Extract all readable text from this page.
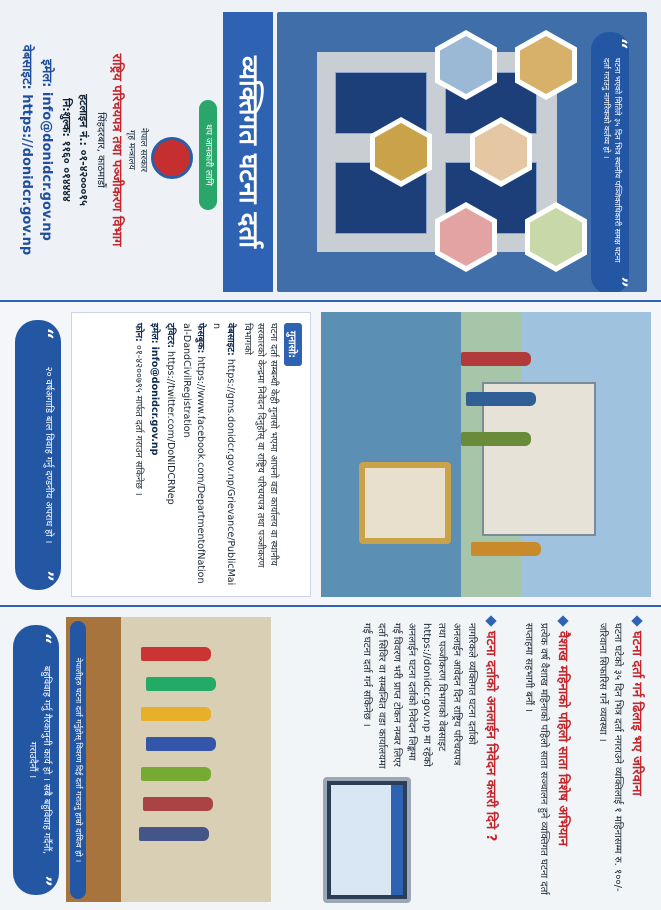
“
घटना भएको मितिले ३५ दिन भित्र स्थानीय पञ्जिकाधिकारी समक्ष घटना दर्ता गराउनु नागरिकको कर्तव्य हो ।
”
व्यक्तिगत घटना दर्ता
थप जानकारी लागि
नेपाल सरकार
गृह मन्त्रालय
राष्ट्रिय परिचयपत्र तथा पञ्जीकरण विभाग
सिंहदरबार, काठमाडौं
हटलाइन नं.: ०१-४२०००१५
नि:शुल्क: ११६० ०१४४४४
इमेल: info@donidcr.gov.np
वेबसाइट: https://donidcr.gov.np
गुनासो:

घटना दर्ता सम्बन्धी केही गुनासो भएमा आफ्नो वडा कार्यालय वा स्थानीय सरकारको केन्द्रमा निवेदन दिनुहोस् वा राष्ट्रिय परिचयपत्र तथा पञ्जीकरण विभागको

वेबसाइट: https://gms.donidcr.gov.np/Grievance/PublicMain
फेसबुक: https://www.facebook.com/DepartmentofNational-DandCivilRegistration
ट्विटर: https://twitter.com/DoNIDCRNep
इमेल: info@donidcr.gov.np
फोन: ०१-४२००७९५ मार्फत दर्ता गराउन सकिनेछ ।
“
२० वर्षअगाडि बाल विवाह गर्नु दण्डनीय अपराध हो ।
”
घटना दर्ता गर्न ढिलाइ भए जरिवाना
घटना घटेको ३५ दिन भित्र दर्ता नगराउने व्यक्तिलाई १ महिनासम्म रु. १००/- जरिवाना सिफारिस गर्ने व्यवस्था ।
वैशाख महिनाको पहिलो साता विशेष अभियान
प्रत्येक वर्ष वैशाख महिनाको पहिलो साता सञ्चालन हुने व्यक्तिगत घटना दर्ता सप्ताहमा सहभागी बनौं ।
घटना दर्ताको अनलाईन निवेदन कसरी दिने ?
नागरिकले व्यक्तिगत घटना दर्ताको अनलाईन आवेदन दिन राष्ट्रिय परिचयपत्र तथा पञ्जीकरण विभागको वेबसाइट https://donidcr.gov.np मा रहेको अनलाईन घटना दर्ताको निवेदन लिङ्कमा गई विवरण भरी प्राप्त टोकन नम्बर लिएर दर्ता सिविर वा सम्बन्धित वडा कार्यालयमा गई घटना दर्ता गर्न सकिनेछ ।
नेपालीहरु घटना दर्ता गर्नुहोस् विवरण दिई दर्ता गराउनु हाम्रो दायित्व हो ।
“
बहुविवाह गर्नु गैरकानुनी कार्य हो । सबै बहुविवाह गर्दैनौं, गराउदैनौं ।
”
